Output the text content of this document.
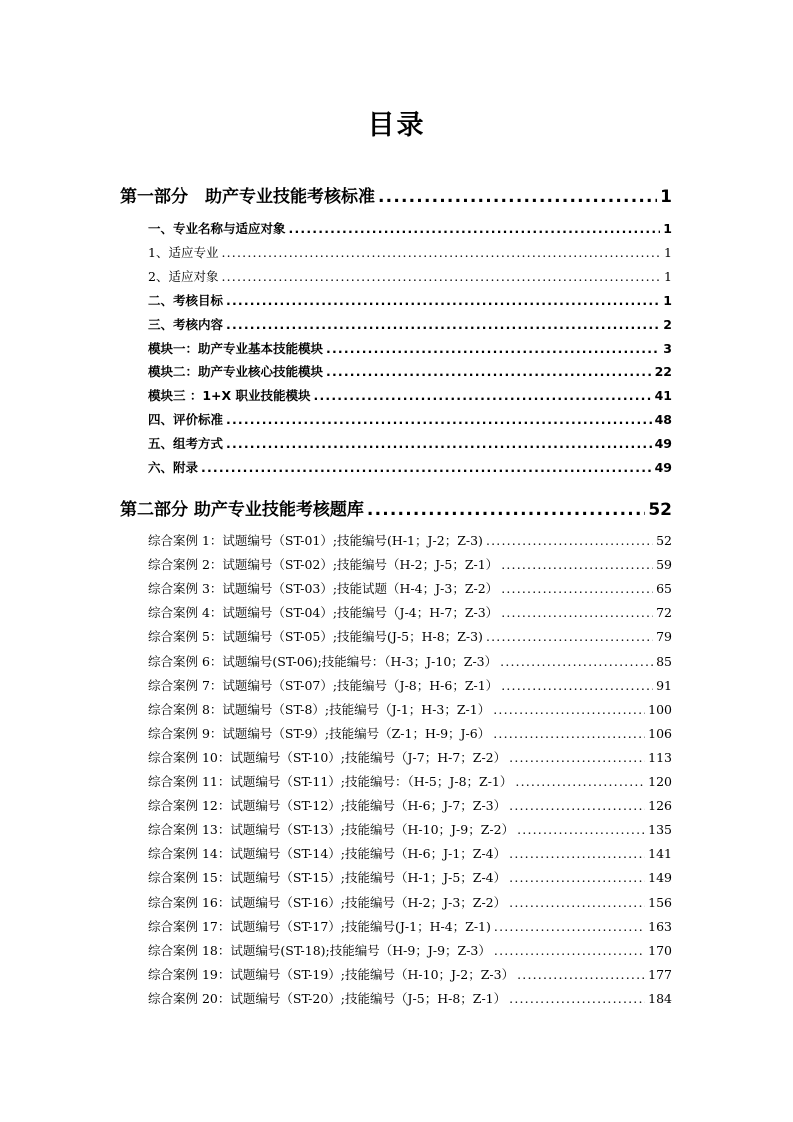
目录
第一部分　助产专业技能考核标准 .....	1
一、专业名称与适应对象 .....	1
1、适应专业 .....	1
2、适应对象 .....	1
二、考核目标 .....	1
三、考核内容 .....	2
模块一：助产专业基本技能模块 .....	3
模块二：助产专业核心技能模块 .....	22
模块三 ：1+X 职业技能模块 .....	41
四、评价标准 .....	48
五、组考方式 .....	49
六、附录 .....	49
第二部分 助产专业技能考核题库 .....	52
综合案例 1：试题编号（ST-01）;技能编号(H-1；J-2；Z-3) .....	52
综合案例 2：试题编号（ST-02）;技能编号（H-2；J-5；Z-1） .....	59
综合案例 3：试题编号（ST-03）;技能试题（H-4；J-3；Z-2） .....	65
综合案例 4：试题编号（ST-04）;技能编号（J-4；H-7；Z-3） .....	72
综合案例 5：试题编号（ST-05）;技能编号(J-5；H-8；Z-3) .....	79
综合案例 6：试题编号(ST-06);技能编号：（H-3；J-10；Z-3） .....	85
综合案例 7：试题编号（ST-07）;技能编号（J-8；H-6；Z-1） .....	91
综合案例 8：试题编号（ST-8）;技能编号（J-1；H-3；Z-1） .....	100
综合案例 9：试题编号（ST-9）;技能编号（Z-1；H-9；J-6） .....	106
综合案例 10：试题编号（ST-10）;技能编号（J-7；H-7；Z-2） .....	113
综合案例 11：试题编号（ST-11）;技能编号：（H-5；J-8；Z-1） .....	120
综合案例 12：试题编号（ST-12）;技能编号（H-6；J-7；Z-3） .....	126
综合案例 13：试题编号（ST-13）;技能编号（H-10；J-9；Z-2） .....	135
综合案例 14：试题编号（ST-14）;技能编号（H-6；J-1；Z-4） .....	141
综合案例 15：试题编号（ST-15）;技能编号（H-1；J-5；Z-4） .....	149
综合案例 16：试题编号（ST-16）;技能编号（H-2；J-3；Z-2） .....	156
综合案例 17：试题编号（ST-17）;技能编号(J-1；H-4；Z-1) .....	163
综合案例 18：试题编号(ST-18);技能编号（H-9；J-9；Z-3） .....	170
综合案例 19：试题编号（ST-19）;技能编号（H-10；J-2；Z-3） .....	177
综合案例 20：试题编号（ST-20）;技能编号（J-5；H-8；Z-1） .....	184
